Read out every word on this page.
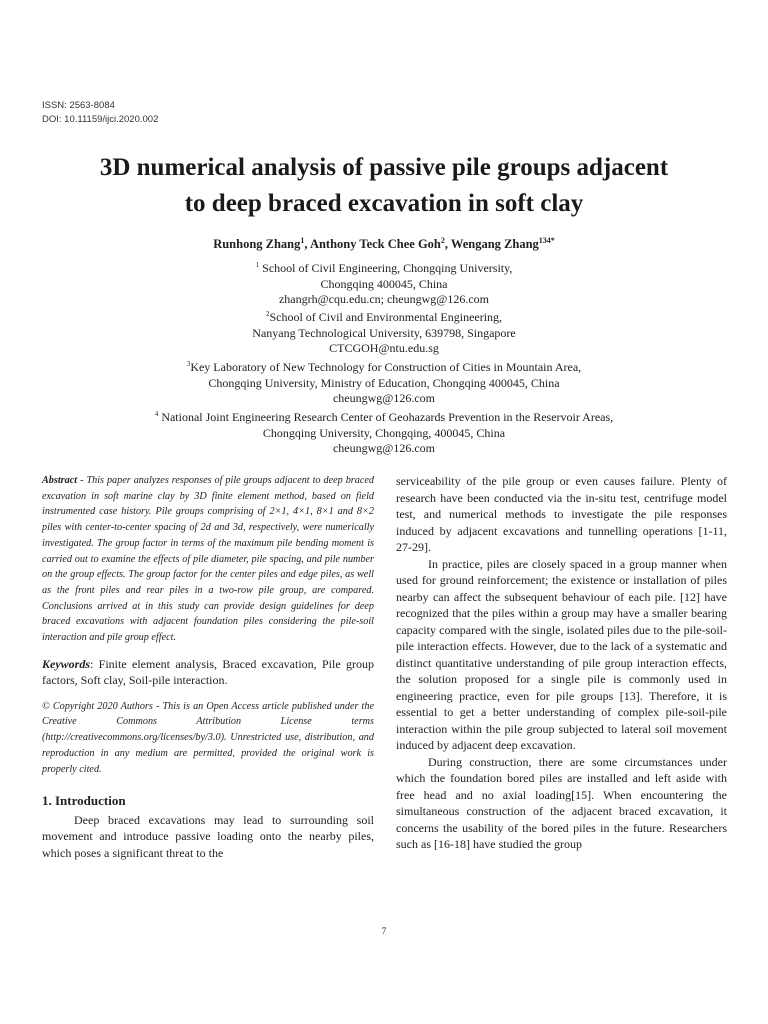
ISSN: 2563-8084
DOI: 10.11159/ijci.2020.002
3D numerical analysis of passive pile groups adjacent
to deep braced excavation in soft clay
Runhong Zhang$^1$, Anthony Teck Chee Goh$^2$, Wengang Zhang$^{134*}$
$^1$ School of Civil Engineering, Chongqing University,
Chongqing 400045, China
zhangrh@cqu.edu.cn; cheungwg@126.com
$^2$School of Civil and Environmental Engineering,
Nanyang Technological University, 639798, Singapore
CTCGOH@ntu.edu.sg
$^3$Key Laboratory of New Technology for Construction of Cities in Mountain Area,
Chongqing University, Ministry of Education, Chongqing 400045, China
cheungwg@126.com
$^4$ National Joint Engineering Research Center of Geohazards Prevention in the Reservoir Areas,
Chongqing University, Chongqing, 400045, China
cheungwg@126.com

Abstract - This paper analyzes responses of pile groups adjacent to deep braced excavation in soft marine clay by 3D finite element method, based on field instrumented case history. Pile groups comprising of 2×1, 4×1, 8×1 and 8×2 piles with center-to-center spacing of 2d and 3d, respectively, were numerically investigated. The group factor in terms of the maximum pile bending moment is carried out to examine the effects of pile diameter, pile spacing, and pile number on the group effects. The group factor for the center piles and edge piles, as well as the front piles and rear piles in a two-row pile group, are compared. Conclusions arrived at in this study can provide design guidelines for deep braced excavations with adjacent foundation piles considering the pile-soil interaction and pile group effect.

Keywords: Finite element analysis, Braced excavation, Pile group factors, Soft clay, Soil-pile interaction.

© Copyright 2020 Authors - This is an Open Access article published under the Creative Commons Attribution License terms (http://creativecommons.org/licenses/by/3.0). Unrestricted use, distribution, and reproduction in any medium are permitted, provided the original work is properly cited.

1. Introduction

Deep braced excavations may lead to surrounding soil movement and introduce passive loading onto the nearby piles, which poses a significant threat to the

serviceability of the pile group or even causes failure. Plenty of research have been conducted via the in-situ test, centrifuge model test, and numerical methods to investigate the pile responses induced by adjacent excavations and tunnelling operations [1-11, 27-29].

In practice, piles are closely spaced in a group manner when used for ground reinforcement; the existence or installation of piles nearby can affect the subsequent behaviour of each pile. [12] have recognized that the piles within a group may have a smaller bearing capacity compared with the single, isolated piles due to the pile-soil-pile interaction effects. However, due to the lack of a systematic and distinct quantitative understanding of pile group interaction effects, the solution proposed for a single pile is commonly used in engineering practice, even for pile groups [13]. Therefore, it is essential to get a better understanding of complex pile-soil-pile interaction within the pile group subjected to lateral soil movement induced by adjacent deep excavation.

During construction, there are some circumstances under which the foundation bored piles are installed and left aside with free head and no axial loading[15]. When encountering the simultaneous construction of the adjacent braced excavation, it concerns the usability of the bored piles in the future. Researchers such as [16-18] have studied the group

7
